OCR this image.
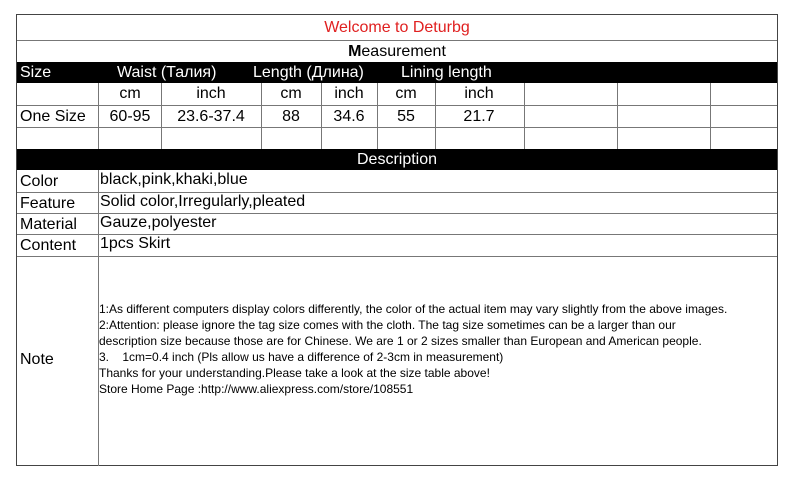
Welcome to Deturbg
Measurement
Size	Waist (Талия) Length (Длина) Lining length
cm	inch	cm	inch	cm	inch
One Size	60-95	23.6-37.4	88	34.6	55	21.7
Description
Color	black,pink,khaki,blue
Feature Solid color,Irregularly,pleated
Material Gauze,polyester
Content 1pcs Skirt
Note
1:As different computers display colors differently, the color of the actual item may vary slightly from the above images.
2:Attention: please ignore the tag size comes with the cloth. The tag size sometimes can be a larger than our
description size because those are for Chinese. We are 1 or 2 sizes smaller than European and American people.
3.    1cm=0.4 inch (Pls allow us have a difference of 2-3cm in measurement)
Thanks for your understanding.Please take a look at the size table above!
Store Home Page :http://www.aliexpress.com/store/108551
